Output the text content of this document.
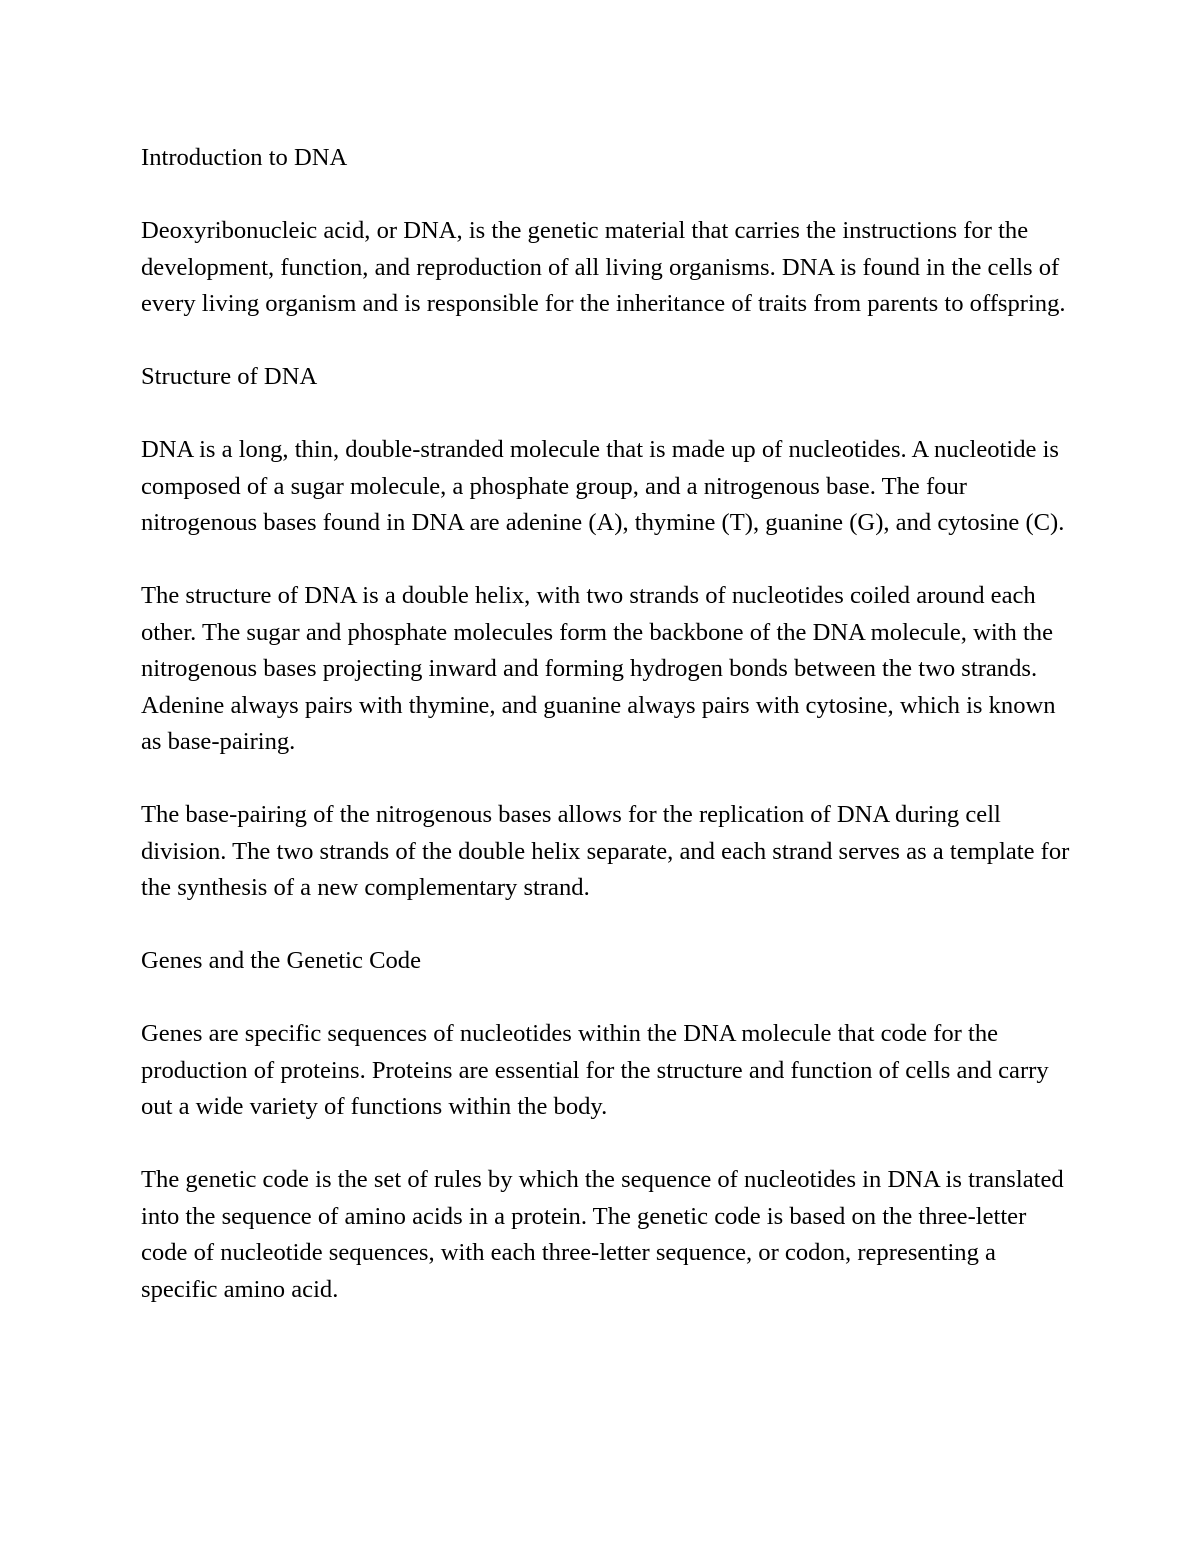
Introduction to DNA

Deoxyribonucleic acid, or DNA, is the genetic material that carries the instructions for the development, function, and reproduction of all living organisms. DNA is found in the cells of every living organism and is responsible for the inheritance of traits from parents to offspring.

Structure of DNA

DNA is a long, thin, double-stranded molecule that is made up of nucleotides. A nucleotide is composed of a sugar molecule, a phosphate group, and a nitrogenous base. The four nitrogenous bases found in DNA are adenine (A), thymine (T), guanine (G), and cytosine (C).

The structure of DNA is a double helix, with two strands of nucleotides coiled around each other. The sugar and phosphate molecules form the backbone of the DNA molecule, with the nitrogenous bases projecting inward and forming hydrogen bonds between the two strands. Adenine always pairs with thymine, and guanine always pairs with cytosine, which is known as base-pairing.

The base-pairing of the nitrogenous bases allows for the replication of DNA during cell division. The two strands of the double helix separate, and each strand serves as a template for the synthesis of a new complementary strand.

Genes and the Genetic Code

Genes are specific sequences of nucleotides within the DNA molecule that code for the production of proteins. Proteins are essential for the structure and function of cells and carry out a wide variety of functions within the body.

The genetic code is the set of rules by which the sequence of nucleotides in DNA is translated into the sequence of amino acids in a protein. The genetic code is based on the three-letter code of nucleotide sequences, with each three-letter sequence, or codon, representing a specific amino acid.
